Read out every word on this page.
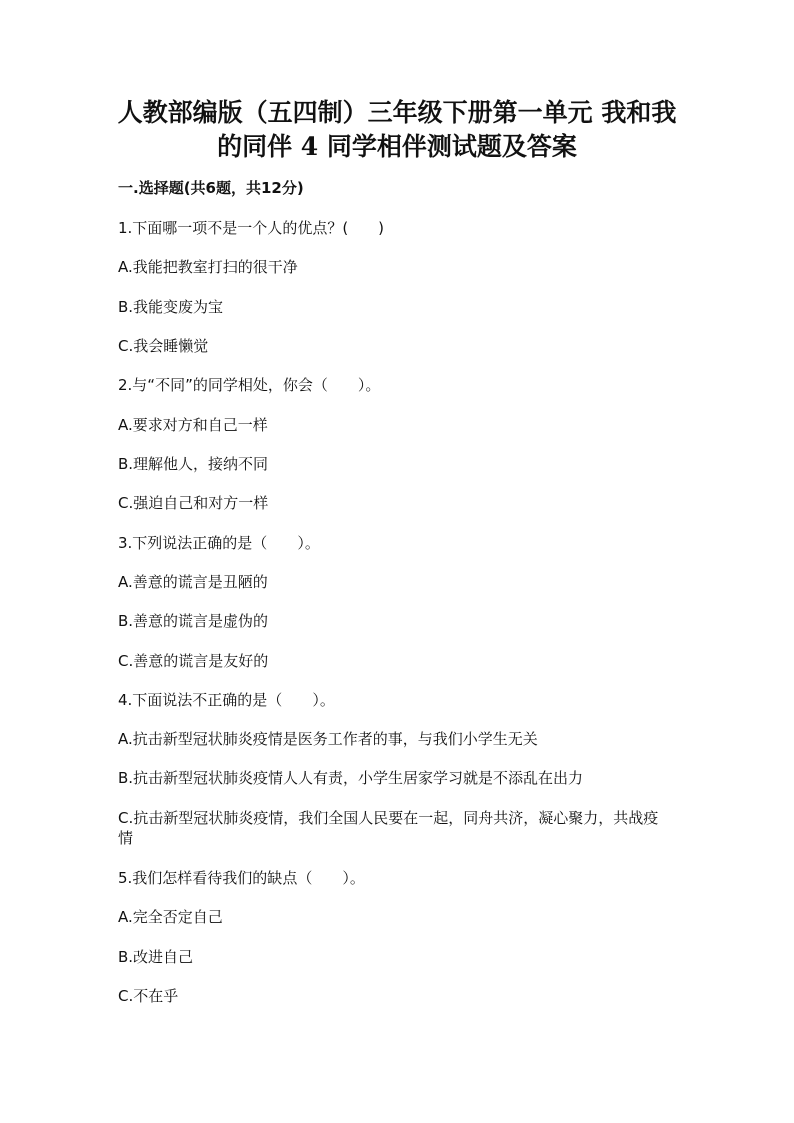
人教部编版（五四制）三年级下册第一单元 我和我
的同伴 4 同学相伴测试题及答案
一.选择题(共6题，共12分)
1.下面哪一项不是一个人的优点？(　　)
A.我能把教室打扫的很干净
B.我能变废为宝
C.我会睡懒觉
2.与“不同”的同学相处，你会（　　）。
A.要求对方和自己一样
B.理解他人，接纳不同
C.强迫自己和对方一样
3.下列说法正确的是（　　）。
A.善意的谎言是丑陋的
B.善意的谎言是虚伪的
C.善意的谎言是友好的
4.下面说法不正确的是（　　）。
A.抗击新型冠状肺炎疫情是医务工作者的事，与我们小学生无关
B.抗击新型冠状肺炎疫情人人有责，小学生居家学习就是不添乱在出力
C.抗击新型冠状肺炎疫情，我们全国人民要在一起，同舟共济，凝心聚力，共战疫情
5.我们怎样看待我们的缺点（　　）。
A.完全否定自己
B.改进自己
C.不在乎
